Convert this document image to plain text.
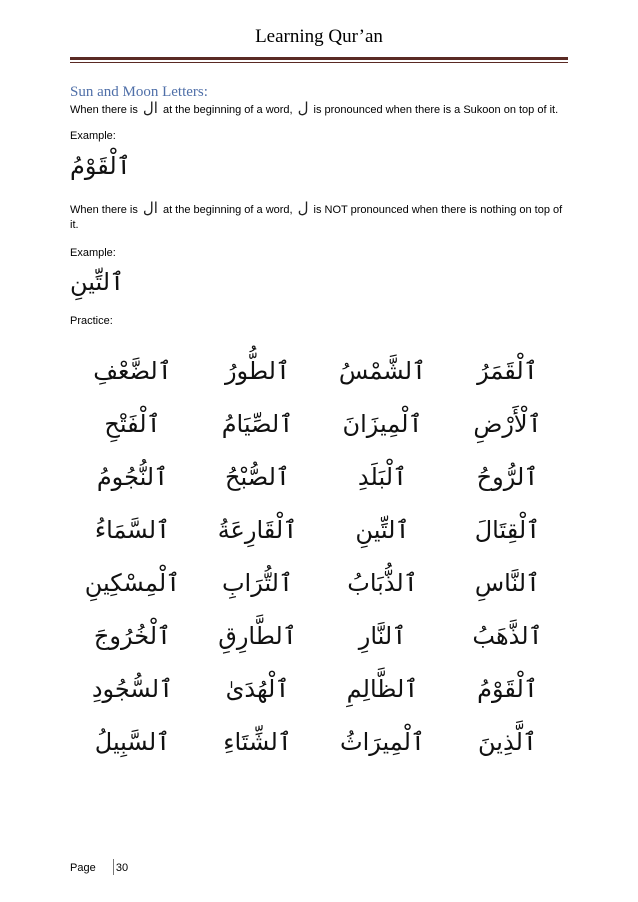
Learning Qur’an
Sun and Moon Letters:
When there is ال at the beginning of a word, ل is pronounced when there is a Sukoon on top of it.
Example:
ٱلْقَوْمُ
When there is ال at the beginning of a word, ل is NOT pronounced when there is nothing on top of
it.
Example:
ٱلتِّينِ
Practice:
ٱلْقَمَرُ
ٱلشَّمْسُ
ٱلطُّورُ
ٱلضَّعْفِ
ٱلْأَرْضِ
ٱلْمِيزَانَ
ٱلصِّيَامُ
ٱلْفَتْحِ
ٱلرُّوحُ
ٱلْبَلَدِ
ٱلصُّبْحُ
ٱلنُّجُومُ
ٱلْقِتَالَ
ٱلتِّينِ
ٱلْقَارِعَةُ
ٱلسَّمَاءُ
ٱلنَّاسِ
ٱلذُّبَابُ
ٱلتُّرَابِ
ٱلْمِسْكِينِ
ٱلذَّهَبُ
ٱلنَّارِ
ٱلطَّارِقِ
ٱلْخُرُوجَ
ٱلْقَوْمُ
ٱلظَّالِمِ
ٱلْهُدَىٰ
ٱلسُّجُودِ
ٱلَّذِينَ
ٱلْمِيرَاثُ
ٱلشِّتَاءِ
ٱلسَّبِيلُ
Page 30
